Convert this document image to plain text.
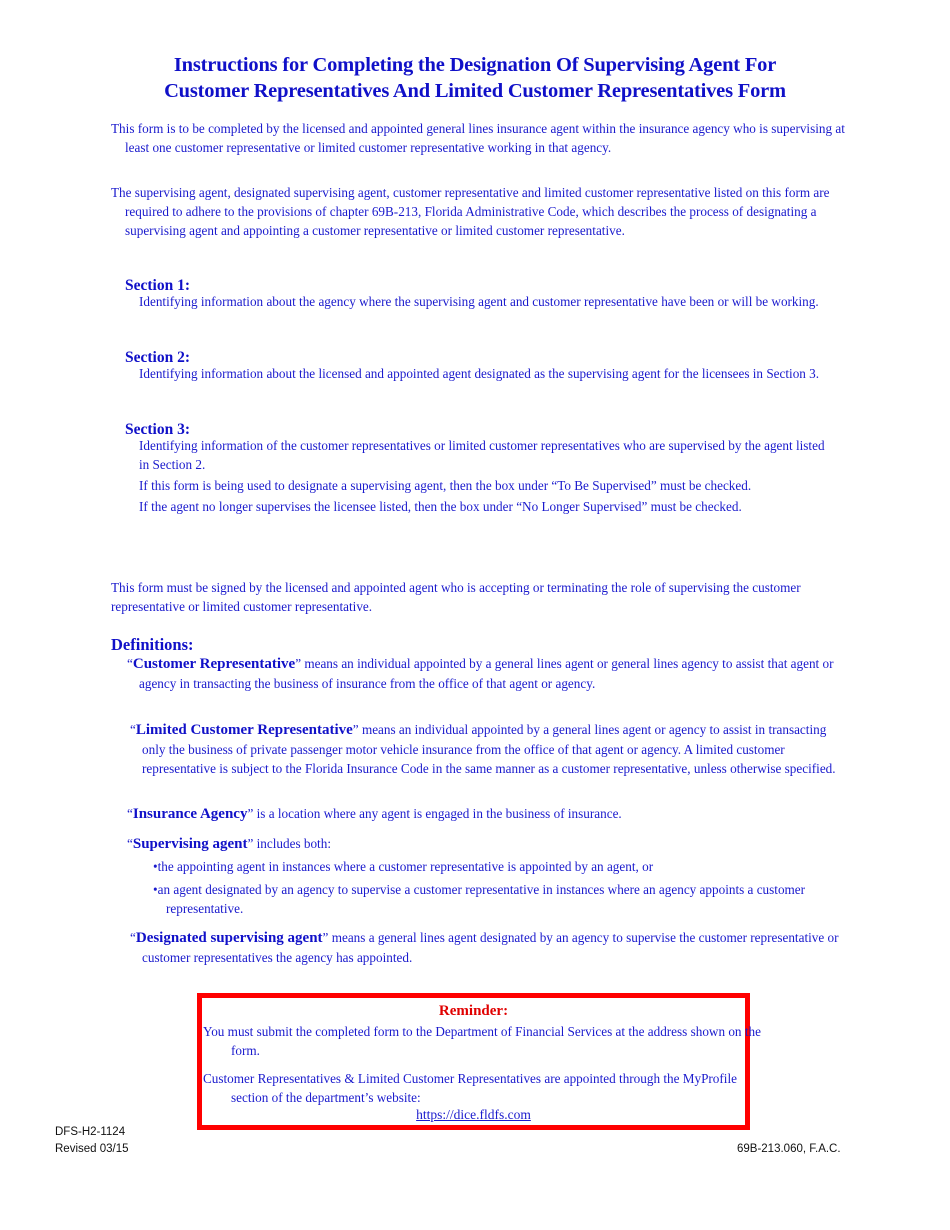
Instructions for Completing the Designation Of Supervising Agent For
Customer Representatives And Limited Customer Representatives Form
This form is to be completed by the licensed and appointed general lines insurance agent within the insurance agency who is supervising at least one customer representative or limited customer representative working in that agency.
The supervising agent, designated supervising agent, customer representative and limited customer representative listed on this form are required to adhere to the provisions of chapter 69B-213, Florida Administrative Code, which describes the process of designating a supervising agent and appointing a customer representative or limited customer representative.
Section 1:

Identifying information about the agency where the supervising agent and customer representative have been or will be working.

Section 2:

Identifying information about the licensed and appointed agent designated as the supervising agent for the licensees in Section 3.

Section 3:

Identifying information of the customer representatives or limited customer representatives who are supervised by the agent listed in Section 2.

If this form is being used to designate a supervising agent, then the box under “To Be Supervised” must be checked.

If the agent no longer supervises the licensee listed, then the box under “No Longer Supervised” must be checked.

This form must be signed by the licensed and appointed agent who is accepting or terminating the role of supervising the customer representative or limited customer representative.
Definitions:
“Customer Representative” means an individual appointed by a general lines agent or general lines agency to assist that agent or agency in transacting the business of insurance from the office of that agent or agency.
“Limited Customer Representative” means an individual appointed by a general lines agent or agency to assist in transacting only the business of private passenger motor vehicle insurance from the office of that agent or agency. A limited customer representative is subject to the Florida Insurance Code in the same manner as a customer representative, unless otherwise specified.
“Insurance Agency” is a location where any agent is engaged in the business of insurance.
“Supervising agent” includes both:
•the appointing agent in instances where a customer representative is appointed by an agent, or
•an agent designated by an agency to supervise a customer representative in instances where an agency appoints a customer representative.
“Designated supervising agent” means a general lines agent designated by an agency to supervise the customer representative or customer representatives the agency has appointed.
Reminder:
You must submit the completed form to the Department of Financial Services at the address shown on the form.
Customer Representatives & Limited Customer Representatives are appointed through the MyProfile section of the department’s website:
https://dice.fldfs.com
DFS-H2-1124
Revised 03/15	69B-213.060, F.A.C.
